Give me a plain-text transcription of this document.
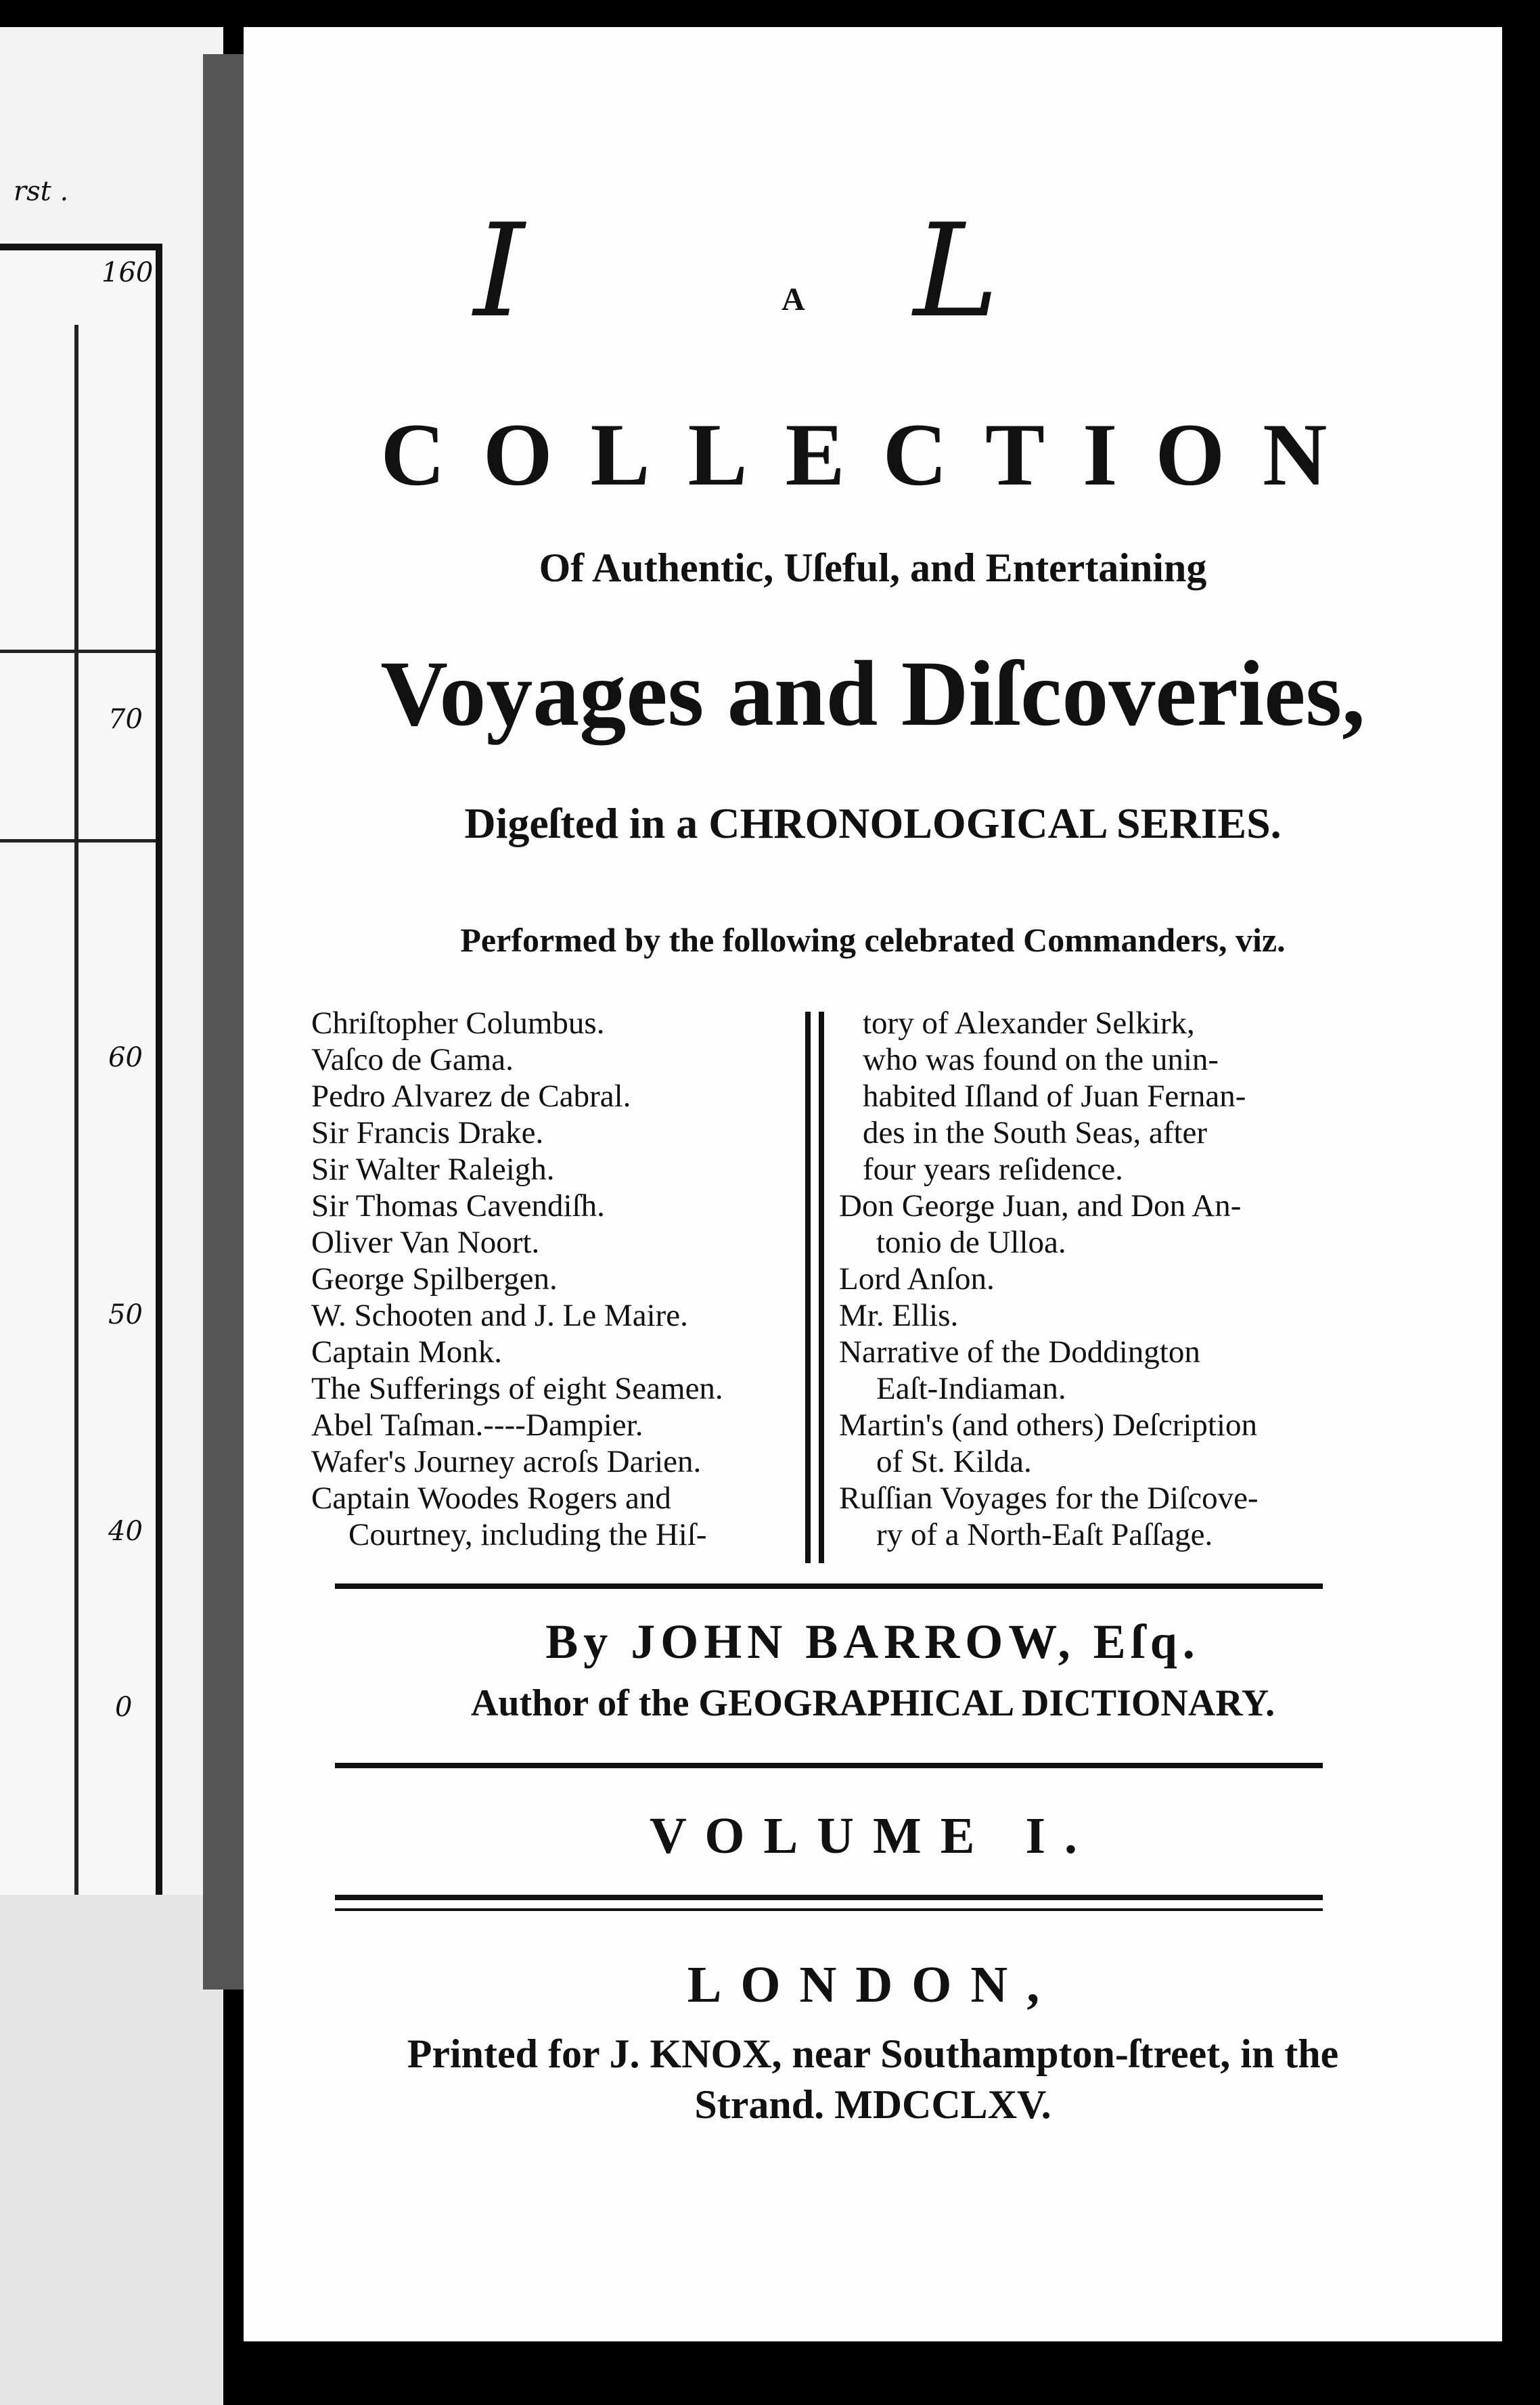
rst .
160
70
60
50
40
0
I	A L
COLLECTION
Of Authentic, Uſeful, and Entertaining
Voyages and Diſcoveries,
Digeſted in a CHRONOLOGICAL SERIES.
Performed by the following celebrated Commanders, viz.
Chriſtopher Columbus.
Vaſco de Gama.
Pedro Alvarez de Cabral.
Sir Francis Drake.
Sir Walter Raleigh.
Sir Thomas Cavendiſh.
Oliver Van Noort.
George Spilbergen.
W. Schooten and J. Le Maire.
Captain Monk.
The Sufferings of eight Seamen.
Abel Taſman.----Dampier.
Wafer's Journey acroſs Darien.
Captain Woodes Rogers and
Courtney, including the Hiſ-
tory of Alexander Selkirk,
who was found on the unin-
habited Iſland of Juan Fernan-
des in the South Seas, after
four years reſidence.
Don George Juan, and Don An-
tonio de Ulloa.
Lord Anſon.
Mr. Ellis.
Narrative of the Doddington
Eaſt-Indiaman.
Martin's (and others) Deſcription
of St. Kilda.
Ruſſian Voyages for the Diſcove-
ry of a North-Eaſt Paſſage.
By JOHN BARROW, Eſq.
Author of the GEOGRAPHICAL DICTIONARY.
VOLUME I.
LONDON,
Printed for J. KNOX, near Southampton-ſtreet, in the
Strand. MDCCLXV.
